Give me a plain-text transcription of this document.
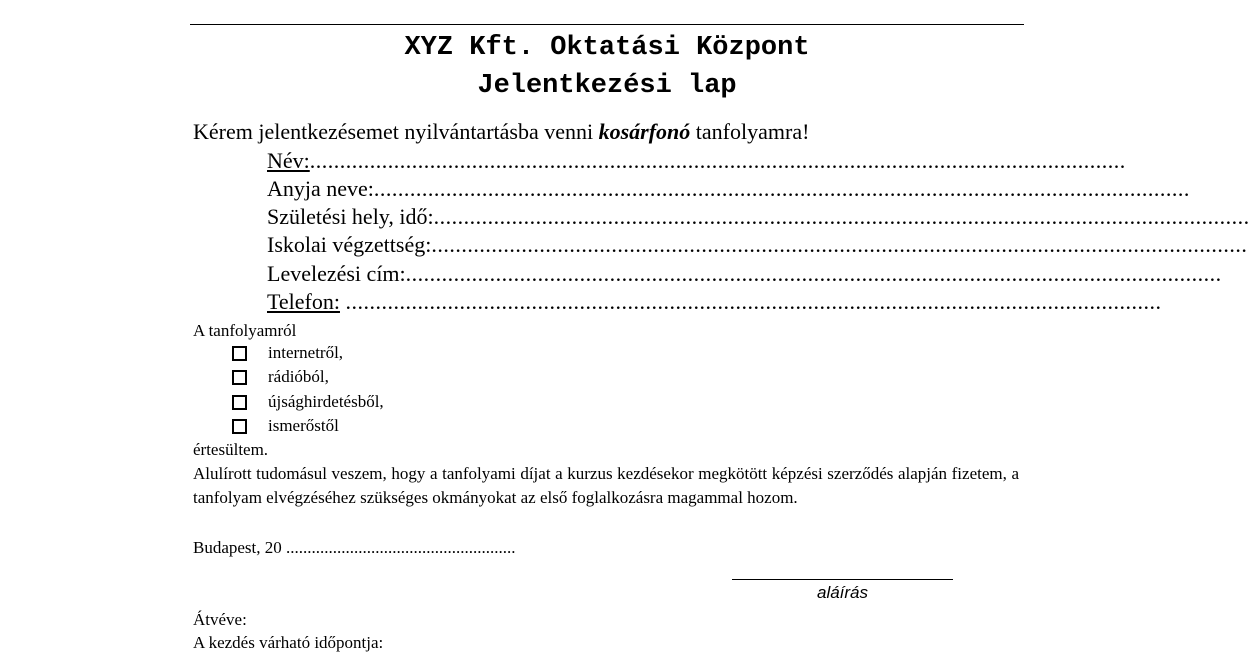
XYZ Kft. Oktatási Központ
Jelentkezési lap
Kérem jelentkezésemet nyilvántartásba venni kosárfonó tanfolyamra!
Név: ........................................................................................................................................
Anyja neve: ........................................................................................................................................
Születési hely, idő: ........................................................................................................................................
Iskolai végzettség: ........................................................................................................................................
Levelezési cím: ........................................................................................................................................
Telefon:
........................................................................................................................................
A tanfolyamról
internetről,
rádióból,
újsághirdetésből,
ismerőstől
értesültem.
Alulírott tudomásul veszem, hogy a tanfolyami díjat a kurzus kezdésekor megkötött képzési szerződés alapján fizetem, a tanfolyam elvégzéséhez szükséges okmányokat az első foglalkozásra magammal hozom.
Budapest, 20 ......................................................
aláírás
Átvéve:
A kezdés várható időpontja:
